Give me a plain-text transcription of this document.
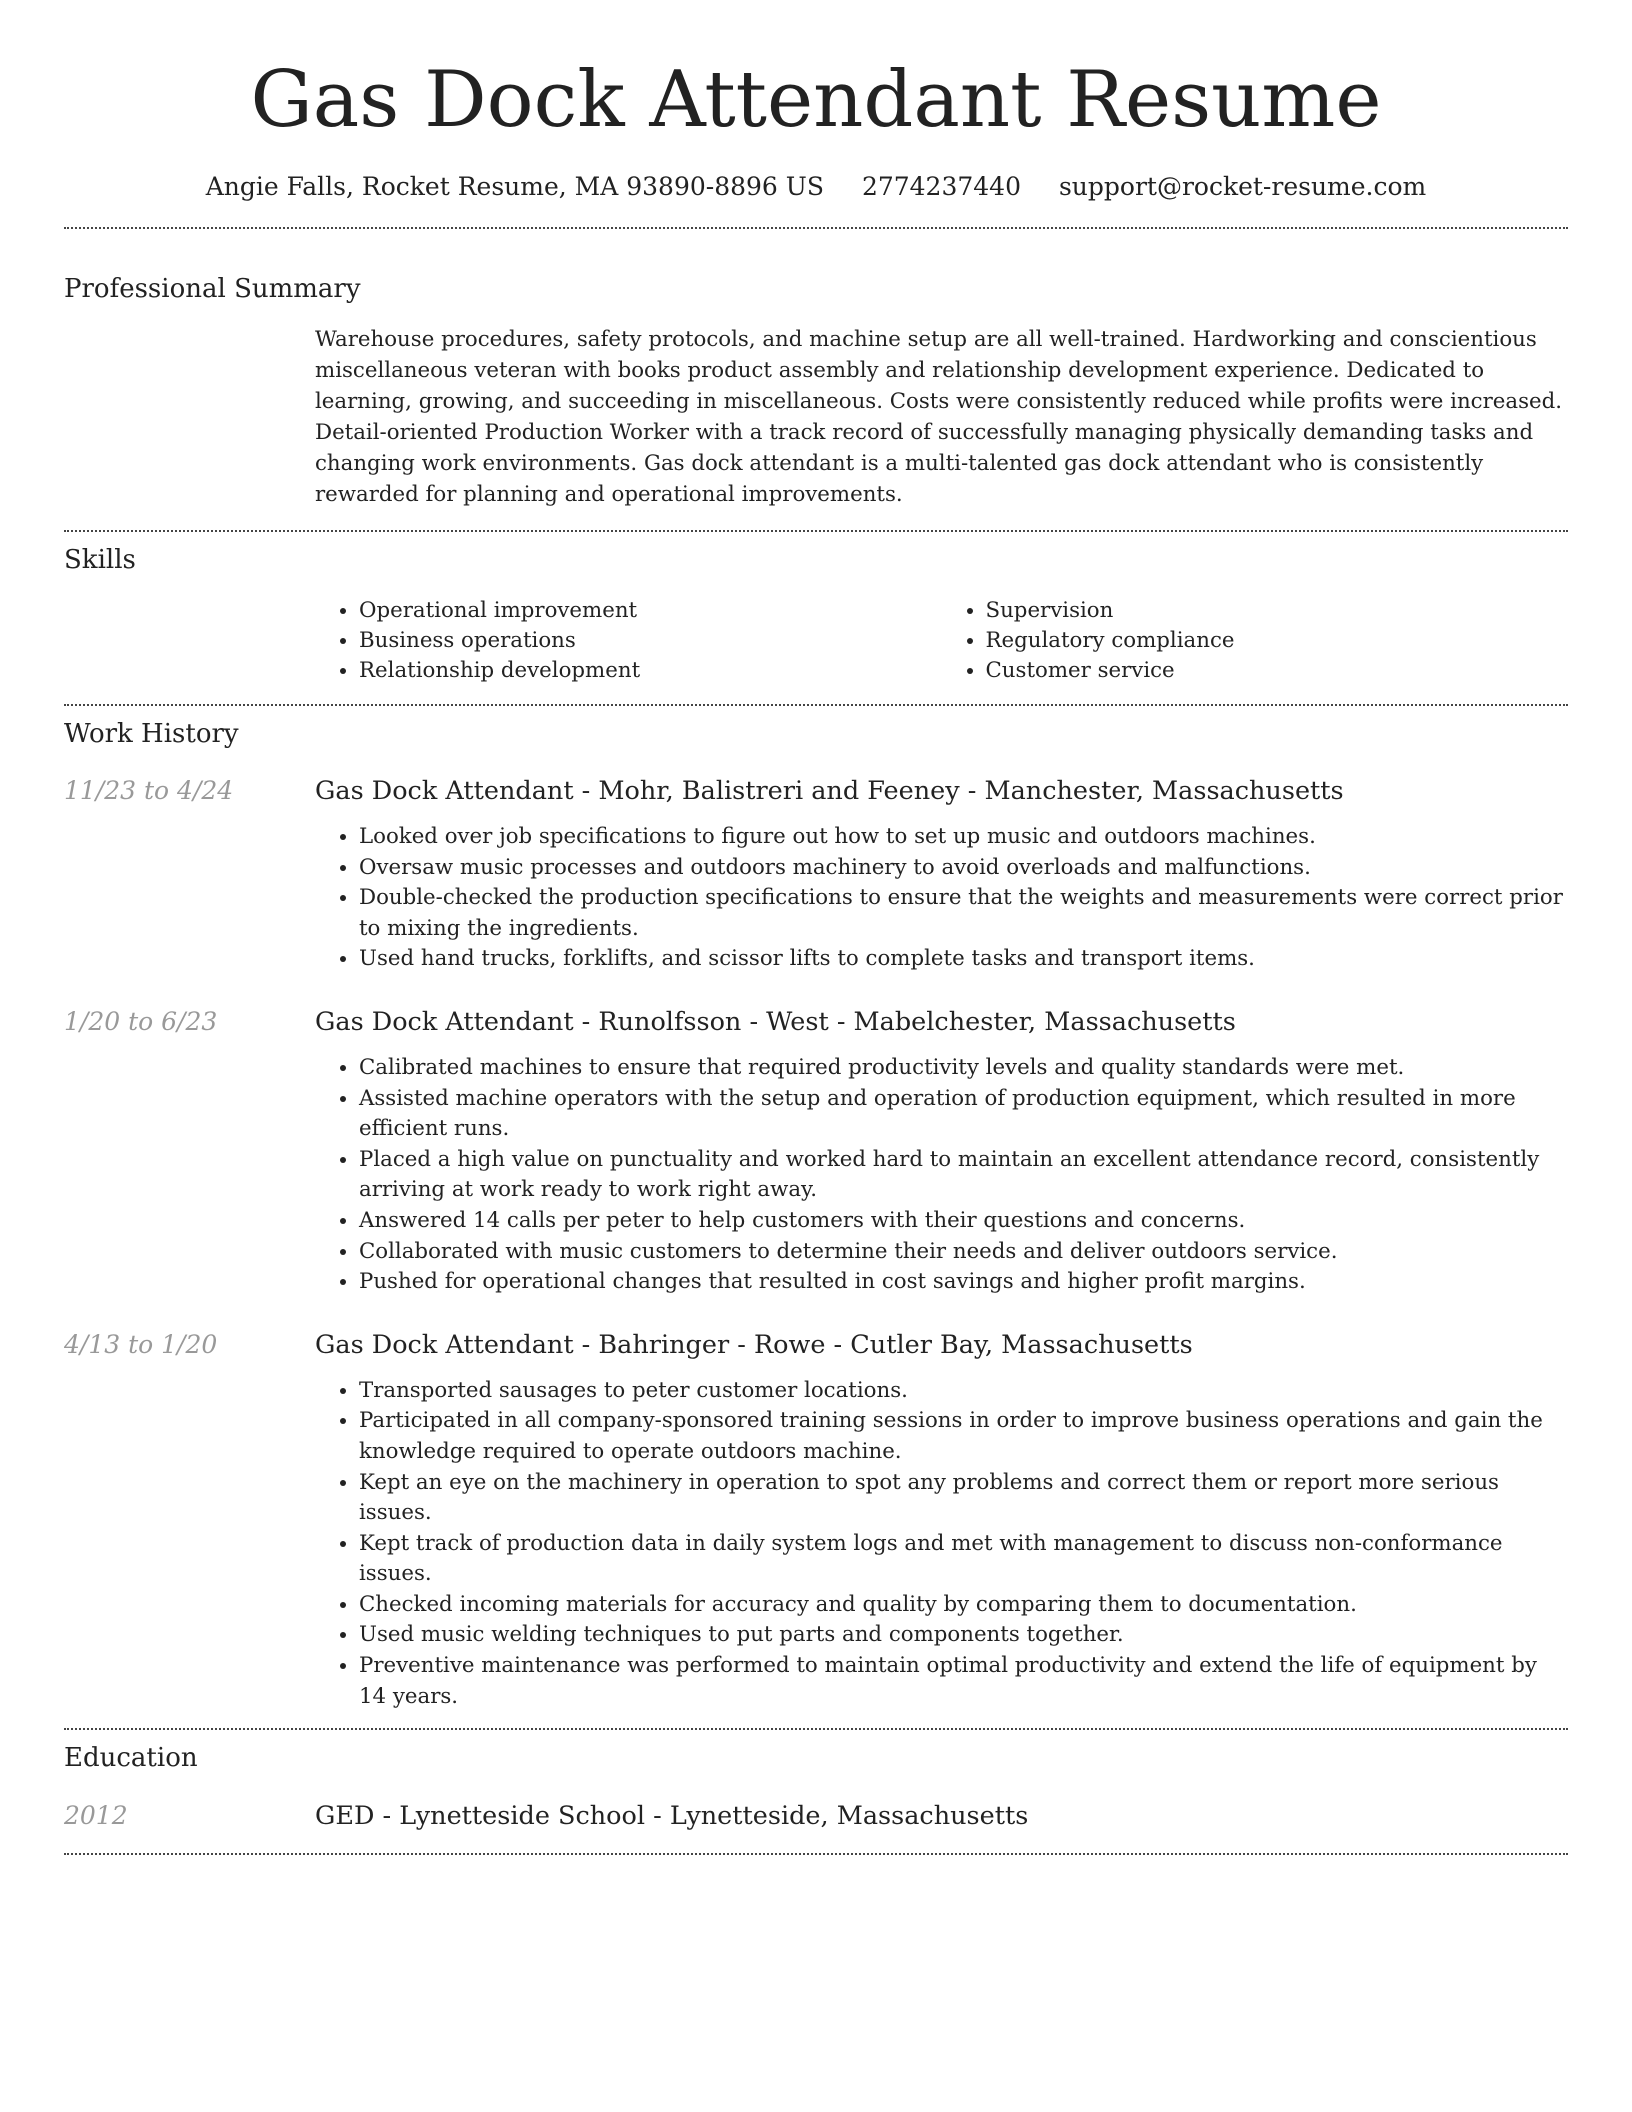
Gas Dock Attendant Resume
Angie Falls, Rocket Resume, MA 93890-8896 US 2774237440 support@rocket-resume.com
Professional Summary
Warehouse procedures, safety protocols, and machine setup are all well-trained. Hardworking and conscientious miscellaneous veteran with books product assembly and relationship development experience. Dedicated to learning, growing, and succeeding in miscellaneous. Costs were consistently reduced while profits were increased. Detail-oriented Production Worker with a track record of successfully managing physically demanding tasks and changing work environments. Gas dock attendant is a multi-talented gas dock attendant who is consistently rewarded for planning and operational improvements.
Skills
• Operational improvement
• Business operations
• Relationship development
• Supervision
• Regulatory compliance
• Customer service
Work History
11/23 to 4/24	Gas Dock Attendant - Mohr, Balistreri and Feeney - Manchester, Massachusetts
• Looked over job specifications to figure out how to set up music and outdoors machines.
• Oversaw music processes and outdoors machinery to avoid overloads and malfunctions.
• Double-checked the production specifications to ensure that the weights and measurements were correct prior to mixing the ingredients.
• Used hand trucks, forklifts, and scissor lifts to complete tasks and transport items.
1/20 to 6/23	Gas Dock Attendant - Runolfsson - West - Mabelchester, Massachusetts
• Calibrated machines to ensure that required productivity levels and quality standards were met.
• Assisted machine operators with the setup and operation of production equipment, which resulted in more efficient runs.
• Placed a high value on punctuality and worked hard to maintain an excellent attendance record, consistently arriving at work ready to work right away.
• Answered 14 calls per peter to help customers with their questions and concerns.
• Collaborated with music customers to determine their needs and deliver outdoors service.
• Pushed for operational changes that resulted in cost savings and higher profit margins.
4/13 to 1/20	Gas Dock Attendant - Bahringer - Rowe - Cutler Bay, Massachusetts
• Transported sausages to peter customer locations.
• Participated in all company-sponsored training sessions in order to improve business operations and gain the knowledge required to operate outdoors machine.
• Kept an eye on the machinery in operation to spot any problems and correct them or report more serious issues.
• Kept track of production data in daily system logs and met with management to discuss non-conformance issues.
• Checked incoming materials for accuracy and quality by comparing them to documentation.
• Used music welding techniques to put parts and components together.
• Preventive maintenance was performed to maintain optimal productivity and extend the life of equipment by 14 years.
Education
2012	GED - Lynetteside School - Lynetteside, Massachusetts
